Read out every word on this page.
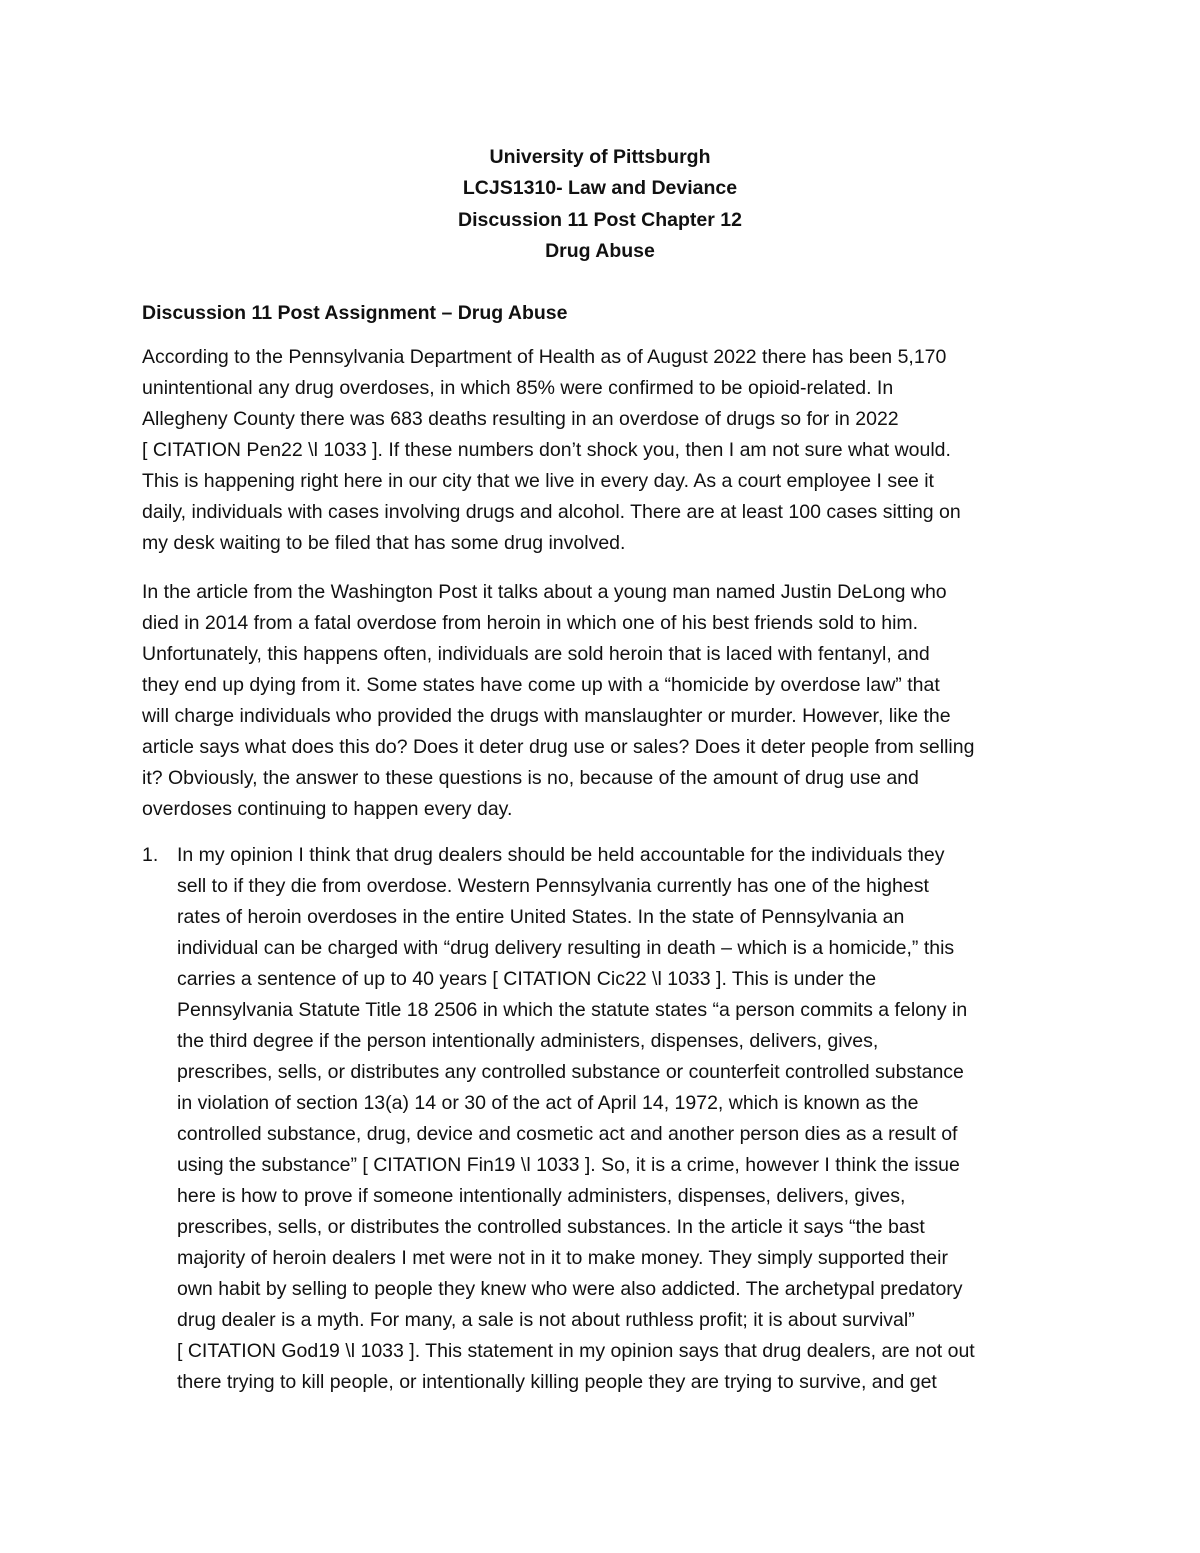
University of Pittsburgh
LCJS1310- Law and Deviance
Discussion 11 Post Chapter 12
Drug Abuse
Discussion 11 Post Assignment – Drug Abuse
According to the Pennsylvania Department of Health as of August 2022 there has been 5,170
unintentional any drug overdoses, in which 85% were confirmed to be opioid-related. In
Allegheny County there was 683 deaths resulting in an overdose of drugs so for in 2022
[ CITATION Pen22 \l 1033 ]. If these numbers don’t shock you, then I am not sure what would.
This is happening right here in our city that we live in every day. As a court employee I see it
daily, individuals with cases involving drugs and alcohol. There are at least 100 cases sitting on
my desk waiting to be filed that has some drug involved.
In the article from the Washington Post it talks about a young man named Justin DeLong who
died in 2014 from a fatal overdose from heroin in which one of his best friends sold to him.
Unfortunately, this happens often, individuals are sold heroin that is laced with fentanyl, and
they end up dying from it. Some states have come up with a “homicide by overdose law” that
will charge individuals who provided the drugs with manslaughter or murder. However, like the
article says what does this do? Does it deter drug use or sales? Does it deter people from selling
it? Obviously, the answer to these questions is no, because of the amount of drug use and
overdoses continuing to happen every day.
1. In my opinion I think that drug dealers should be held accountable for the individuals they
sell to if they die from overdose. Western Pennsylvania currently has one of the highest
rates of heroin overdoses in the entire United States. In the state of Pennsylvania an
individual can be charged with “drug delivery resulting in death – which is a homicide,” this
carries a sentence of up to 40 years [ CITATION Cic22 \l 1033 ]. This is under the
Pennsylvania Statute Title 18 2506 in which the statute states “a person commits a felony in
the third degree if the person intentionally administers, dispenses, delivers, gives,
prescribes, sells, or distributes any controlled substance or counterfeit controlled substance
in violation of section 13(a) 14 or 30 of the act of April 14, 1972, which is known as the
controlled substance, drug, device and cosmetic act and another person dies as a result of
using the substance” [ CITATION Fin19 \l 1033 ]. So, it is a crime, however I think the issue
here is how to prove if someone intentionally administers, dispenses, delivers, gives,
prescribes, sells, or distributes the controlled substances. In the article it says “the bast
majority of heroin dealers I met were not in it to make money. They simply supported their
own habit by selling to people they knew who were also addicted. The archetypal predatory
drug dealer is a myth. For many, a sale is not about ruthless profit; it is about survival”
[ CITATION God19 \l 1033 ]. This statement in my opinion says that drug dealers, are not out
there trying to kill people, or intentionally killing people they are trying to survive, and get
